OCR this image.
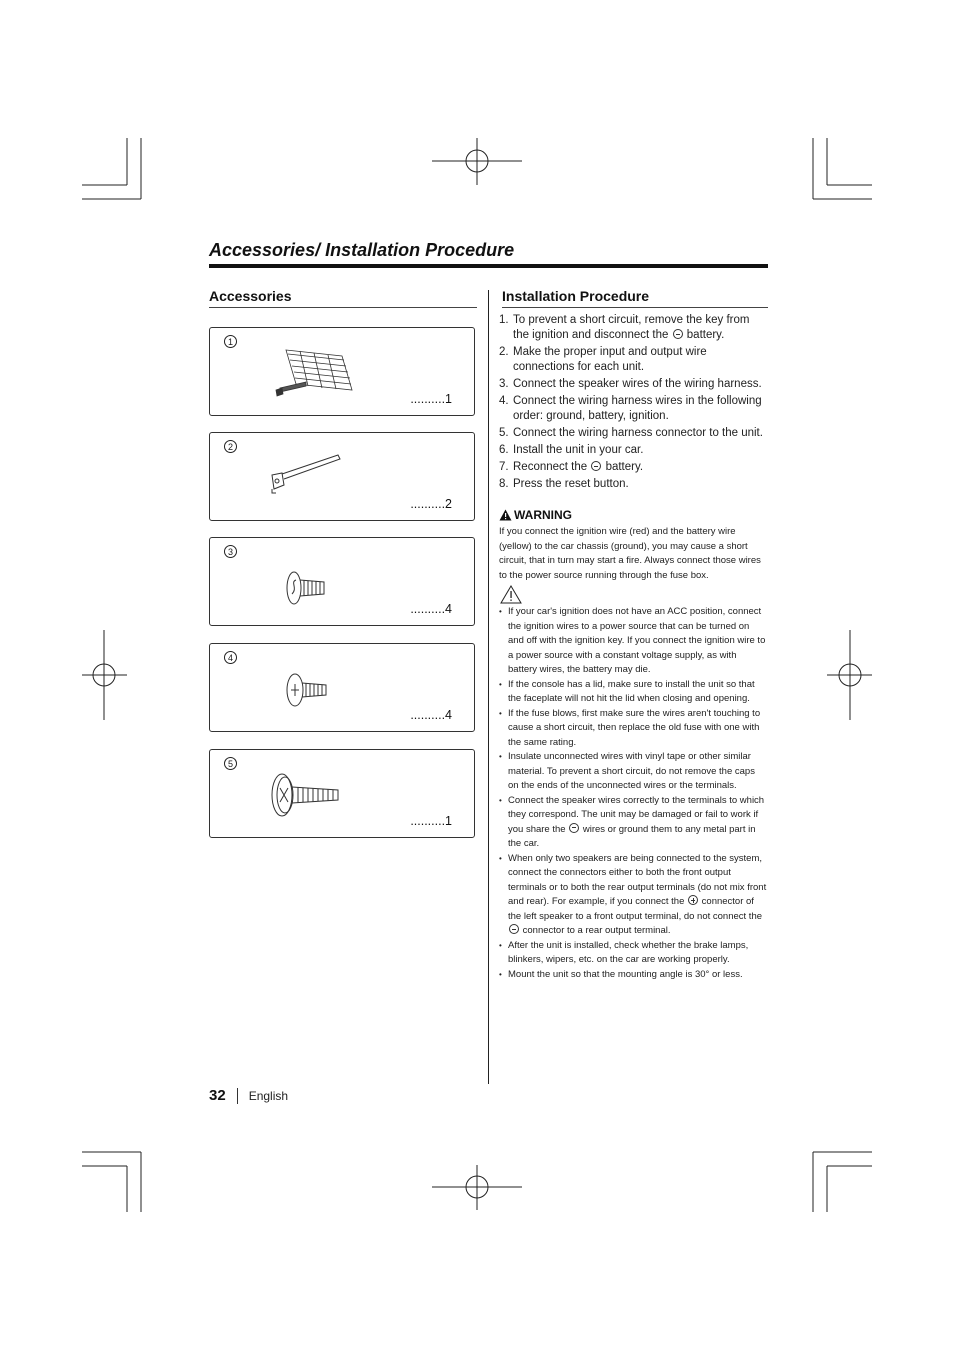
Accessories/ Installation Procedure
Accessories	Installation Procedure
1
..........1
2
..........2
3
..........4
4
..........4
5
..........1
1. To prevent a short circuit, remove the key from the ignition and disconnect the  battery.
2. Make the proper input and output wire connections for each unit.
3. Connect the speaker wires of the wiring harness.
4. Connect the wiring harness wires in the following order: ground, battery, ignition.
5. Connect the wiring harness connector to the unit.
6. Install the unit in your car.
7. Reconnect the  battery.
8. Press the reset button.
WARNING

If you connect the ignition wire (red) and the battery wire (yellow) to the car chassis (ground), you may cause a short circuit, that in turn may start a fire. Always connect those wires to the power source running through the fuse box.

• If your car's ignition does not have an ACC position, connect the ignition wires to a power source that can be turned on and off with the ignition key. If you connect the ignition wire to a power source with a constant voltage supply, as with battery wires, the battery may die.
• If the console has a lid, make sure to install the unit so that the faceplate will not hit the lid when closing and opening.
• If the fuse blows, first make sure the wires aren't touching to cause a short circuit, then replace the old fuse with one with the same rating.
• Insulate unconnected wires with vinyl tape or other similar material. To prevent a short circuit, do not remove the caps on the ends of the unconnected wires or the terminals.
• Connect the speaker wires correctly to the terminals to which they correspond. The unit may be damaged or fail to work if you share the  wires or ground them to any metal part in the car.
• When only two speakers are being connected to the system, connect the connectors either to both the front output terminals or to both the rear output terminals (do not mix front and rear). For example, if you connect the  connector of the left speaker to a front output terminal, do not connect the  connector to a rear output terminal.
• After the unit is installed, check whether the brake lamps, blinkers, wipers, etc. on the car are working properly.
• Mount the unit so that the mounting angle is 30° or less.
32 English
